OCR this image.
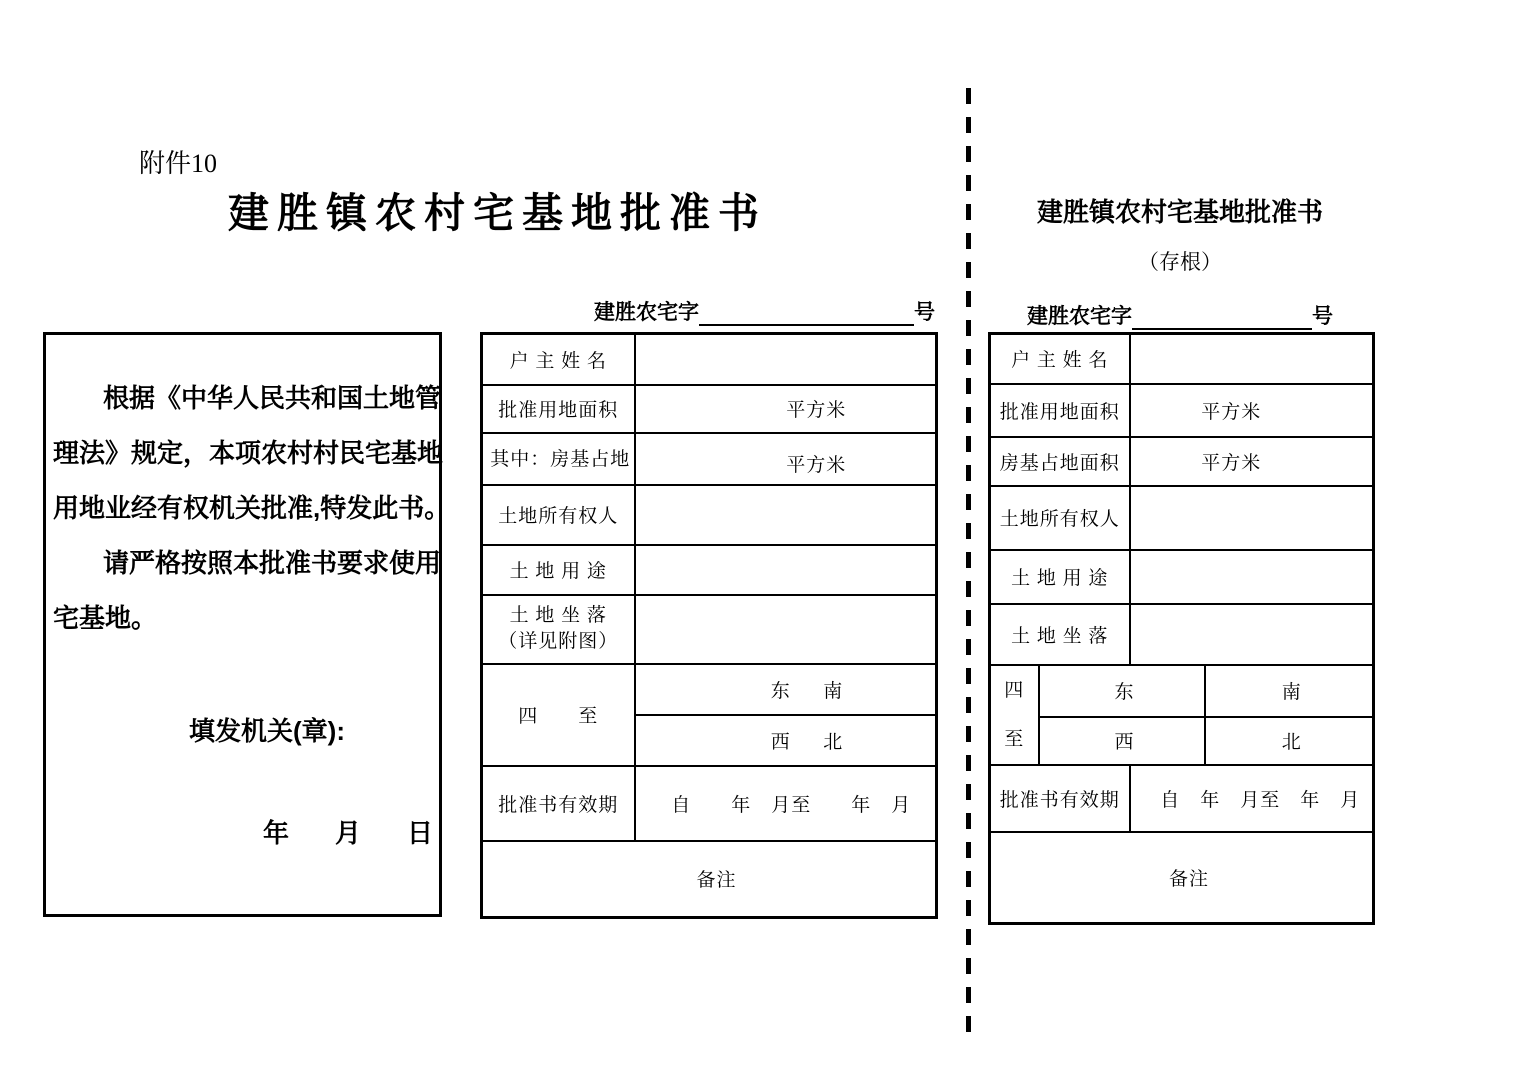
附件10
建胜镇农村宅基地批准书
根据《中华人民共和国土地管
理法》规定，本项农村村民宅基地
用地业经有权机关批准,特发此书。
请严格按照本批准书要求使用
宅基地。
填发机关(章):
年 月 日
建胜农宅字	号
户 主 姓 名	
批准用地面积	平方米
其中：房基占地	平方米
土地所有权人	
土 地 用 途	

土 地 坐 落
（详见附图）	

四　　至	东 南
	西 北
批准书有效期	自　　年　月至　　年　月
备注	
建胜镇农村宅基地批准书
（存根）
建胜农宅字	号
户 主 姓 名			
批准用地面积		平方米	
房基占地面积		平方米	
土地所有权人			
土 地 用 途			
土 地 坐 落			

四
至	东		南
	西		北
批准书有效期		自　年　月至　年　月	
备注			
